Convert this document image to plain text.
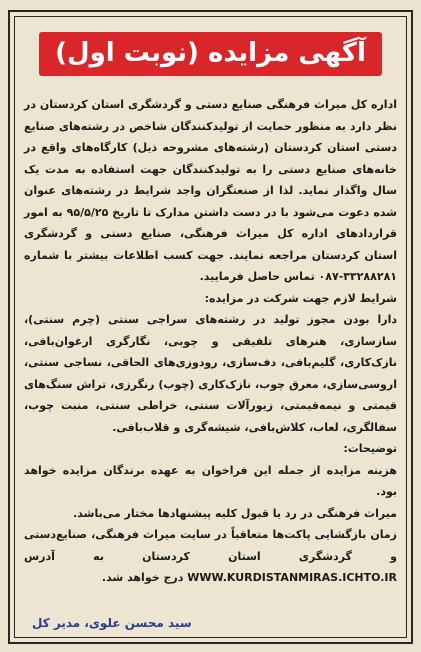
آگهی مزایده (نوبت اول)

اداره کل میراث فرهنگی صنایع دستی و گردشگری استان کردستان در نظر دارد به منظور حمایت از تولیدکنندگان شاخص در رشته‌های صنایع دستی استان کردستان (رشته‌های مشروحه ذیل) کارگاه‌های واقع در خانه‌های صنایع دستی را به تولیدکنندگان جهت استفاده به مدت یک سال واگذار نماید. لذا از صنعتگران واجد شرایط در رشته‌های عنوان شده دعوت می‌شود با در دست داشتن مدارک تا تاریخ ۹۵/۵/۲۵ به امور قراردادهای اداره کل میراث فرهنگی، صنایع دستی و گردشگری استان کردستان مراجعه نمایند. جهت کسب اطلاعات بیشتر با شماره ۳۳۲۸۸۲۸۱-۰۸۷ تماس حاصل فرمایید.

شرایط لازم جهت شرکت در مزایده:

دارا بودن مجوز تولید در رشته‌های سراجی سنتی (چرم سنتی)، سازسازی، هنرهای تلفیقی و چوبی، نگارگری ارغوان‌بافی، نازک‌کاری، گلیم‌بافی، دف‌سازی، رودوزی‌های الحاقی، نساجی سنتی، اروسی‌سازی، معرق چوب، نازک‌کاری (چوب) رنگرزی، تراش سنگ‌های قیمتی و نیمه‌قیمتی، زیورآلات سنتی، خراطی سنتی، منبت چوب، سفالگری، لعاب، کلاش‌بافی، شیشه‌گری و قلاب‌بافی.

توضیحات:

هزینه مزایده از جمله این فراخوان به عهده برندگان مزایده خواهد بود.

میراث فرهنگی در رد یا قبول کلیه پیشنهادها مختار می‌باشد.

زمان بازگشایی پاکت‌ها متعاقباً در سایت میراث فرهنگی، صنایع‌دستی و گردشگری استان کردستان به آدرس WWW.KURDISTANMIRAS.ICHTO.IR درج خواهد شد.

سید محسن علوی، مدیر کل
